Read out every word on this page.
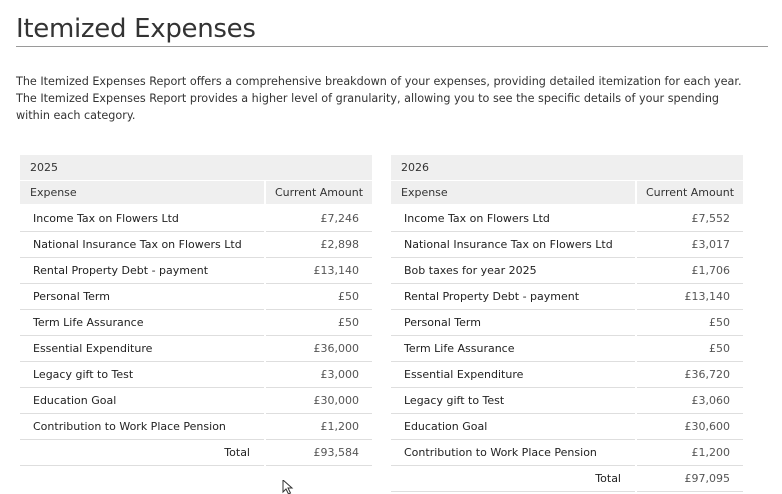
Itemized Expenses

The Itemized Expenses Report offers a comprehensive breakdown of your expenses, providing detailed itemization for each year. The Itemized Expenses Report provides a higher level of granularity, allowing you to see the specific details of your spending within each category.

2025	
Expense	Current Amount
Income Tax on Flowers Ltd	£7,246
National Insurance Tax on Flowers Ltd	£2,898
Rental Property Debt - payment	£13,140
Personal Term	£50
Term Life Assurance	£50
Essential Expenditure	£36,000
Legacy gift to Test	£3,000
Education Goal	£30,000
Contribution to Work Place Pension	£1,200
Total	£93,584
2026	
Expense	Current Amount
Income Tax on Flowers Ltd	£7,552
National Insurance Tax on Flowers Ltd	£3,017
Bob taxes for year 2025	£1,706
Rental Property Debt - payment	£13,140
Personal Term	£50
Term Life Assurance	£50
Essential Expenditure	£36,720
Legacy gift to Test	£3,060
Education Goal	£30,600
Contribution to Work Place Pension	£1,200
Total	£97,095
